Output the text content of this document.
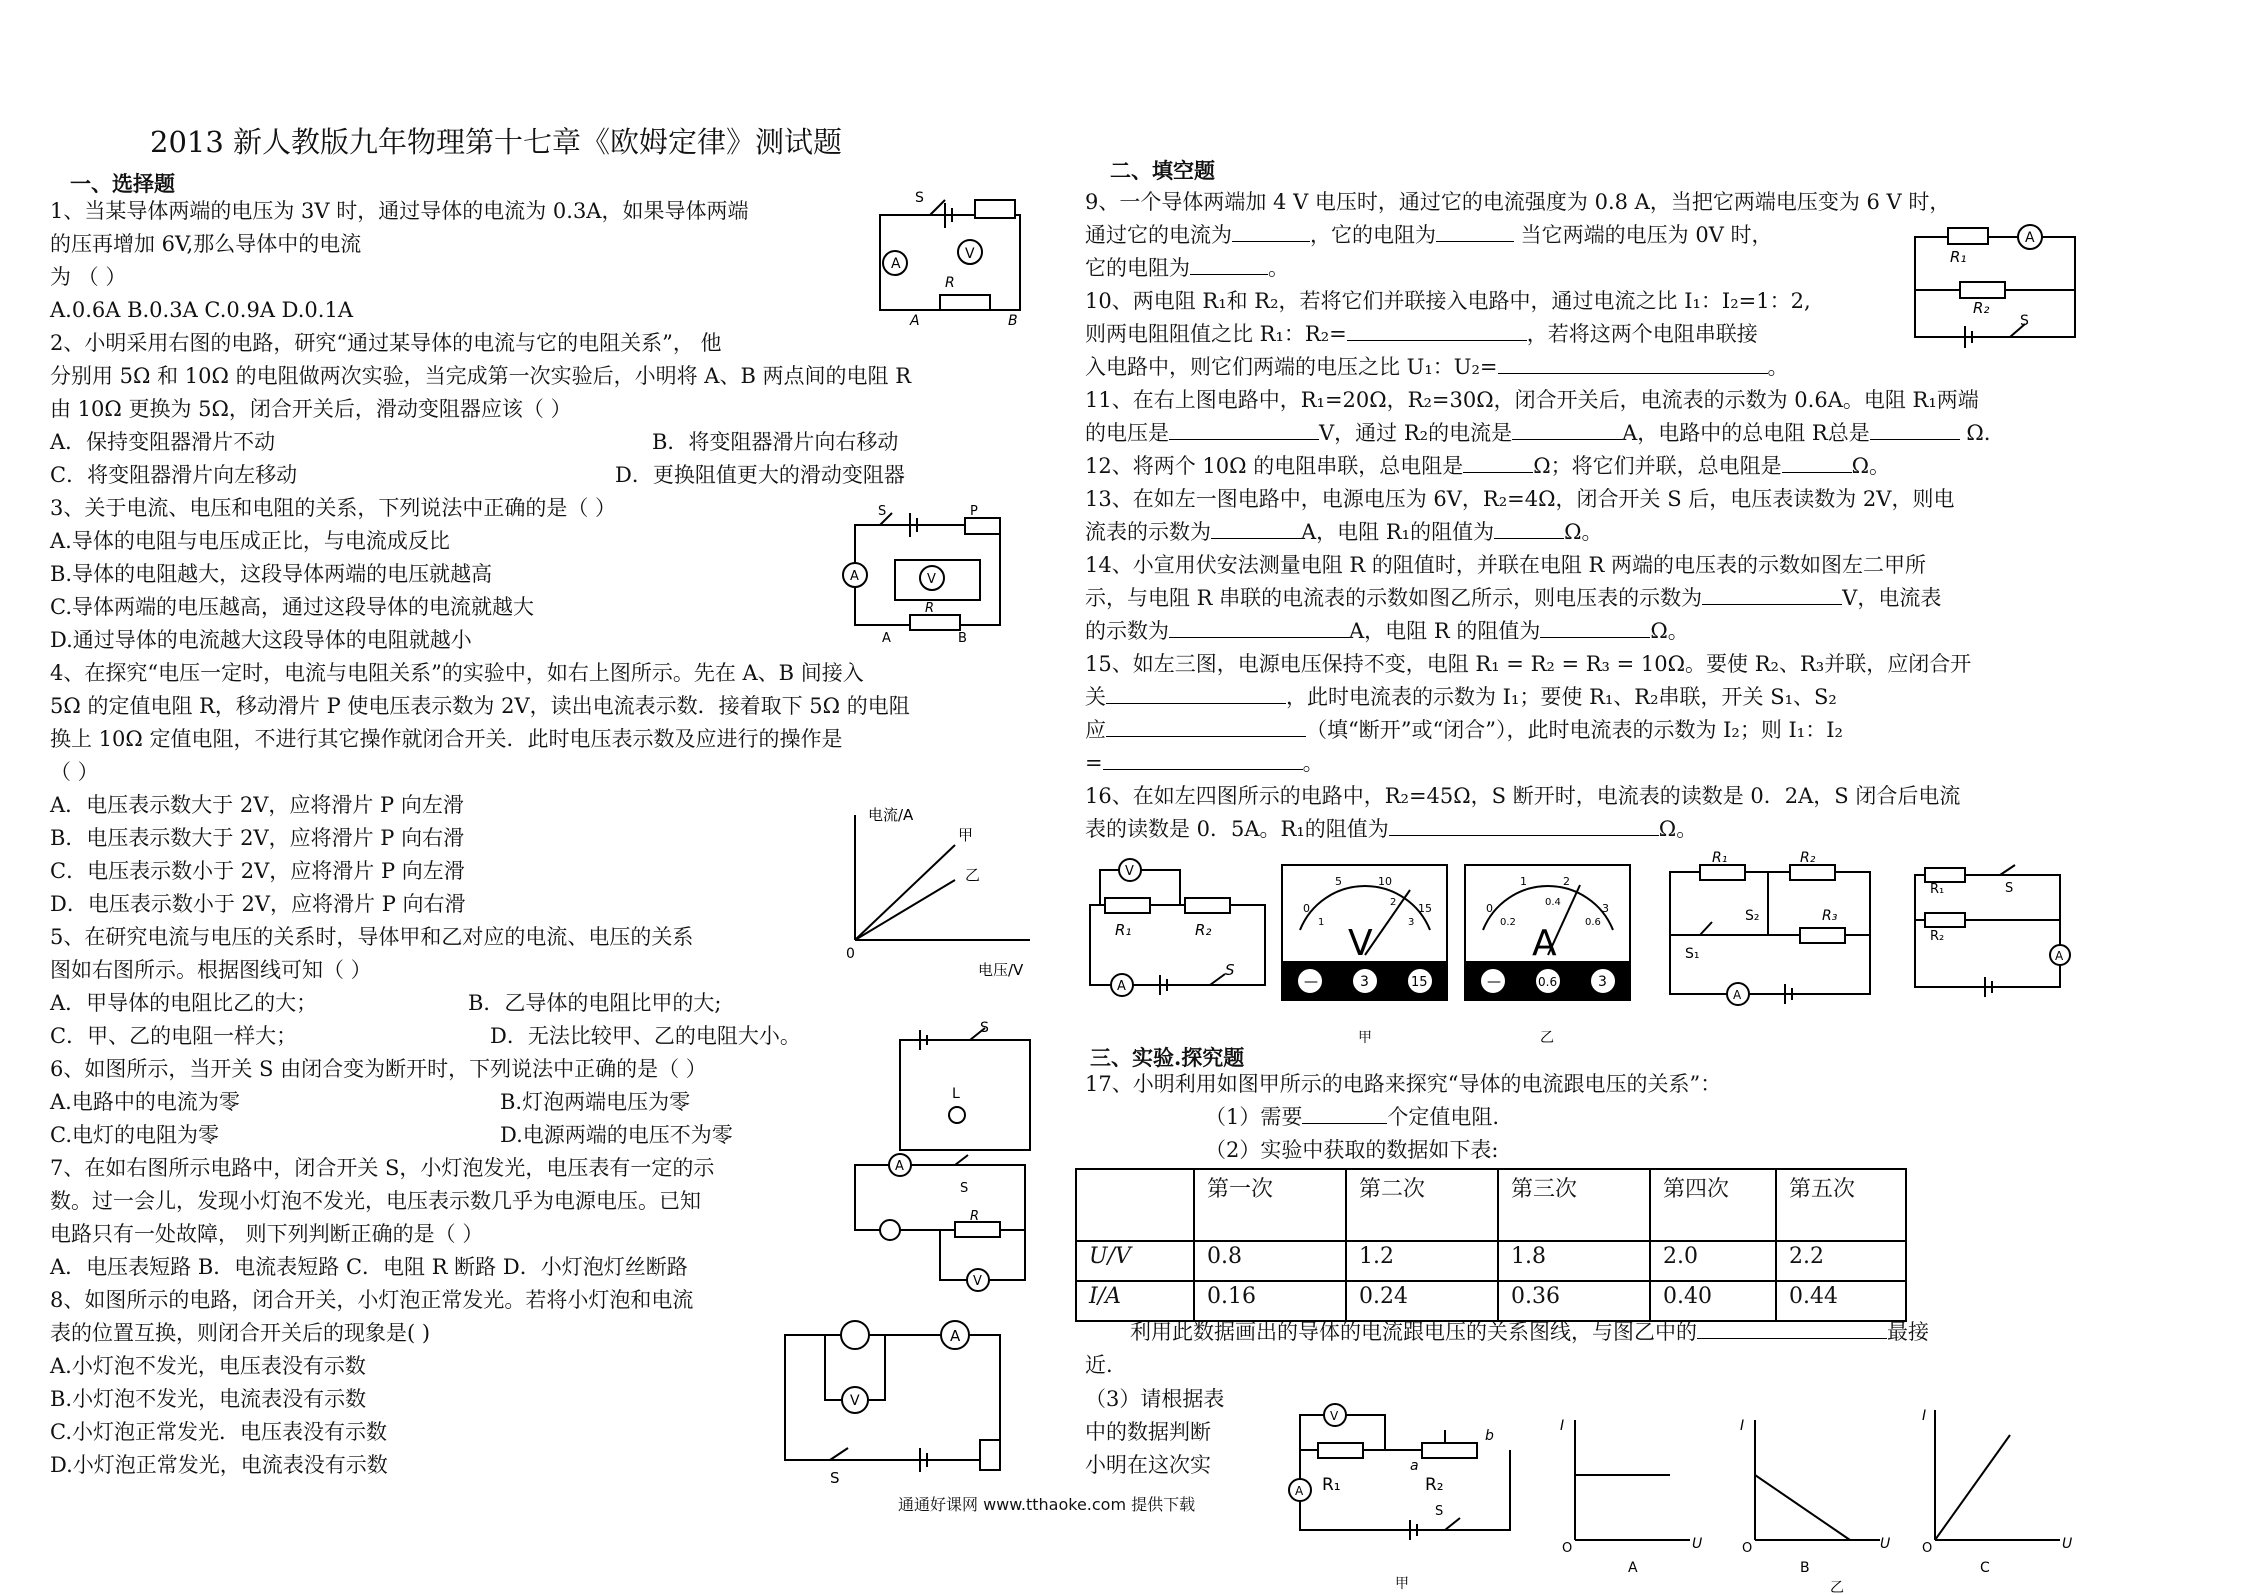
2013 新人教版九年物理第十七章《欧姆定律》测试题
一、选择题
二、填空题
三、实验.探究题
1、当某导体两端的电压为 3V 时，通过导体的电流为 0.3A，如果导体两端
的压再增加 6V,那么导体中的电流
为 （ ）
A.0.6A B.0.3A C.0.9A D.0.1A
2、小明采用右图的电路，研究“通过某导体的电流与它的电阻关系”， 他
分别用 5Ω 和 10Ω 的电阻做两次实验，当完成第一次实验后，小明将 A、B 两点间的电阻 R
由 10Ω 更换为 5Ω，闭合开关后，滑动变阻器应该（ ）
A．保持变阻器滑片不动	B．将变阻器滑片向右移动
C．将变阻器滑片向左移动	D．更换阻值更大的滑动变阻器
3、关于电流、电压和电阻的关系，下列说法中正确的是（ ）
A.导体的电阻与电压成正比，与电流成反比
B.导体的电阻越大，这段导体两端的电压就越高
C.导体两端的电压越高，通过这段导体的电流就越大
D.通过导体的电流越大这段导体的电阻就越小
4、在探究“电压一定时，电流与电阻关系”的实验中，如右上图所示。先在 A、B 间接入
5Ω 的定值电阻 R，移动滑片 P 使电压表示数为 2V，读出电流表示数．接着取下 5Ω 的电阻
换上 10Ω 定值电阻，不进行其它操作就闭合开关．此时电压表示数及应进行的操作是
（ ）
A．电压表示数大于 2V，应将滑片 P 向左滑
B．电压表示数大于 2V，应将滑片 P 向右滑
C．电压表示数小于 2V，应将滑片 P 向左滑
D．电压表示数小于 2V，应将滑片 P 向右滑
5、在研究电流与电压的关系时，导体甲和乙对应的电流、电压的关系
图如右图所示。根据图线可知（ ）
A．甲导体的电阻比乙的大；	B．乙导体的电阻比甲的大;
C．甲、乙的电阻一样大；	D．无法比较甲、乙的电阻大小。
6、如图所示，当开关 S 由闭合变为断开时，下列说法中正确的是（ ）
A.电路中的电流为零	B.灯泡两端电压为零
C.电灯的电阻为零	D.电源两端的电压不为零
7、在如右图所示电路中，闭合开关 S，小灯泡发光，电压表有一定的示
数。过一会儿，发现小灯泡不发光，电压表示数几乎为电源电压。已知
电路只有一处故障， 则下列判断正确的是（ ）
A．电压表短路 B．电流表短路 C．电阻 R 断路 D．小灯泡灯丝断路
8、如图所示的电路，闭合开关，小灯泡正常发光。若将小灯泡和电流
表的位置互换，则闭合开关后的现象是( )
A.小灯泡不发光，电压表没有示数
B.小灯泡不发光，电流表没有示数
C.小灯泡正常发光．电压表没有示数
D.小灯泡正常发光，电流表没有示数
9、一个导体两端加 4 V 电压时，通过它的电流强度为 0.8 A，当把它两端电压变为 6 V 时，
通过它的电流为	，它的电阻为	当它两端的电压为 0V 时，
它的电阻为	。
10、两电阻 R₁和 R₂，若将它们并联接入电路中，通过电流之比 I₁：I₂=1：2,
则两电阻阻值之比 R₁：R₂=	，若将这两个电阻串联接
入电路中，则它们两端的电压之比 U₁：U₂=	。
11、在右上图电路中，R₁=20Ω，R₂=30Ω，闭合开关后，电流表的示数为 0.6A。电阻 R₁两端
的电压是	V，通过 R₂的电流是	A，电路中的总电阻 R总是	Ω．
12、将两个 10Ω 的电阻串联，总电阻是	Ω；将它们并联，总电阻是	Ω。
13、在如左一图电路中，电源电压为 6V，R₂=4Ω，闭合开关 S 后，电压表读数为 2V，则电
流表的示数为	A，电阻 R₁的阻值为	Ω。
14、小宣用伏安法测量电阻 R 的阻值时，并联在电阻 R 两端的电压表的示数如图左二甲所
示，与电阻 R 串联的电流表的示数如图乙所示，则电压表的示数为	V，电流表
的示数为	A，电阻 R 的阻值为	Ω。
15、如左三图，电源电压保持不变，电阻 R₁ = R₂ = R₃ = 10Ω。要使 R₂、R₃并联，应闭合开
关	，此时电流表的示数为 I₁；要使 R₁、R₂串联，开关 S₁、S₂
应	（填“断开”或“闭合”），此时电流表的示数为 I₂；则 I₁：I₂
=	。
16、在如左四图所示的电路中，R₂=45Ω，S 断开时，电流表的读数是 0．2A，S 闭合后电流
表的读数是 0．5A。R₁的阻值为	Ω。
17、小明利用如图甲所示的电路来探究“导体的电流跟电压的关系”：
（1）需要	个定值电阻.
（2）实验中获取的数据如下表:
利用此数据画出的导体的电流跟电压的关系图线，与图乙中的	最接
近.
（3）请根据表
中的数据判断
小明在这次实
	第一次	第二次	第三次	第四次	第五次
U/V	0.8	1.2	1.8	2.0	2.2
I/A	0.16	0.24	0.36	0.40	0.44
A
V
S
R
A	B
A	V
S	P
R
A	B
电流/A
电压/V
0
甲
乙
S
L
A
V
S
R
A
V
S
R₁
R₂
A
S
V
A
R₁	R₂
S
V
0
5	10
15
1
2
3
—	3	15
甲
A
0
1	2
3
0.2
0.4
0.6
—	0.6	3
乙
R₁	R₂
R₃
S₂
S₁
A
R₁
R₂
S
A
V
A R₁	R₂
a
b
S
甲
I
U
O
A
I
U
O
B
I
U
O
C
乙
通通好课网 www.tthaoke.com 提供下载
